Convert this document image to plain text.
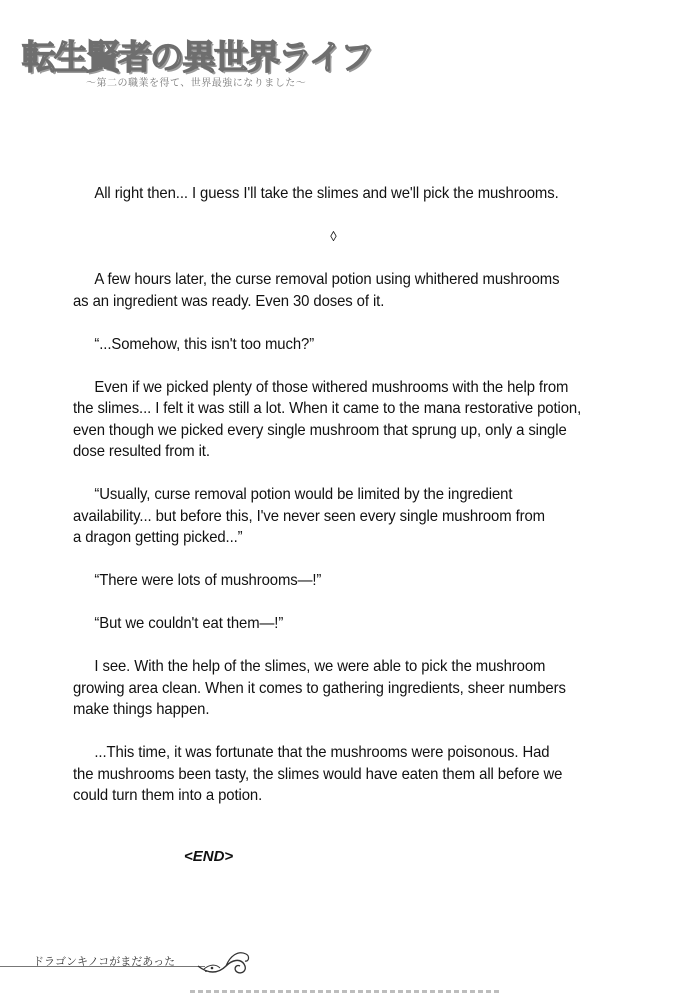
転生賢者の異世界ライフ
～第二の職業を得て、世界最強になりました～

All right then... I guess I'll take the slimes and we'll pick the mushrooms.

◊

A few hours later, the curse removal potion using whithered mushrooms
as an ingredient was ready. Even 30 doses of it.

“...Somehow, this isn't too much?”

Even if we picked plenty of those withered mushrooms with the help from
the slimes... I felt it was still a lot. When it came to the mana restorative potion,
even though we picked every single mushroom that sprung up, only a single
dose resulted from it.

“Usually, curse removal potion would be limited by the ingredient
availability... but before this, I've never seen every single mushroom from
a dragon getting picked...”

“There were lots of mushrooms—!”

“But we couldn't eat them—!”

I see. With the help of the slimes, we were able to pick the mushroom
growing area clean. When it comes to gathering ingredients, sheer numbers
make things happen.

...This time, it was fortunate that the mushrooms were poisonous. Had
the mushrooms been tasty, the slimes would have eaten them all before we
could turn them into a potion.

<END>
ドラゴンキノコがまだあった
